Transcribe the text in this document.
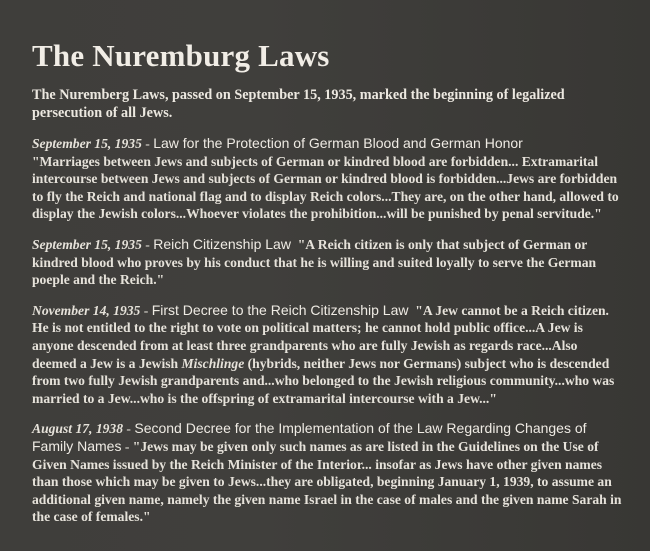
The Nuremburg Laws
The Nuremberg Laws, passed on September 15, 1935, marked the beginning of legalized persecution of all Jews.
September 15, 1935 - Law for the Protection of German Blood and German Honor
"Marriages between Jews and subjects of German or kindred blood are forbidden... Extramarital intercourse between Jews and subjects of German or kindred blood is forbidden...Jews are forbidden to fly the Reich and national flag and to display Reich colors...They are, on the other hand, allowed to display the Jewish colors...Whoever violates the prohibition...will be punished by penal servitude."
September 15, 1935 - Reich Citizenship Law "A Reich citizen is only that subject of German or kindred blood who proves by his conduct that he is willing and suited loyally to serve the German poeple and the Reich."
November 14, 1935 - First Decree to the Reich Citizenship Law "A Jew cannot be a Reich citizen. He is not entitled to the right to vote on political matters; he cannot hold public office...A Jew is anyone descended from at least three grandparents who are fully Jewish as regards race...Also deemed a Jew is a Jewish Mischlinge (hybrids, neither Jews nor Germans) subject who is descended from two fully Jewish grandparents and...who belonged to the Jewish religious community...who was married to a Jew...who is the offspring of extramarital intercourse with a Jew..."
August 17, 1938 - Second Decree for the Implementation of the Law Regarding Changes of Family Names - "Jews may be given only such names as are listed in the Guidelines on the Use of Given Names issued by the Reich Minister of the Interior... insofar as Jews have other given names than those which may be given to Jews...they are obligated, beginning January 1, 1939, to assume an additional given name, namely the given name Israel in the case of males and the given name Sarah in the case of females."
